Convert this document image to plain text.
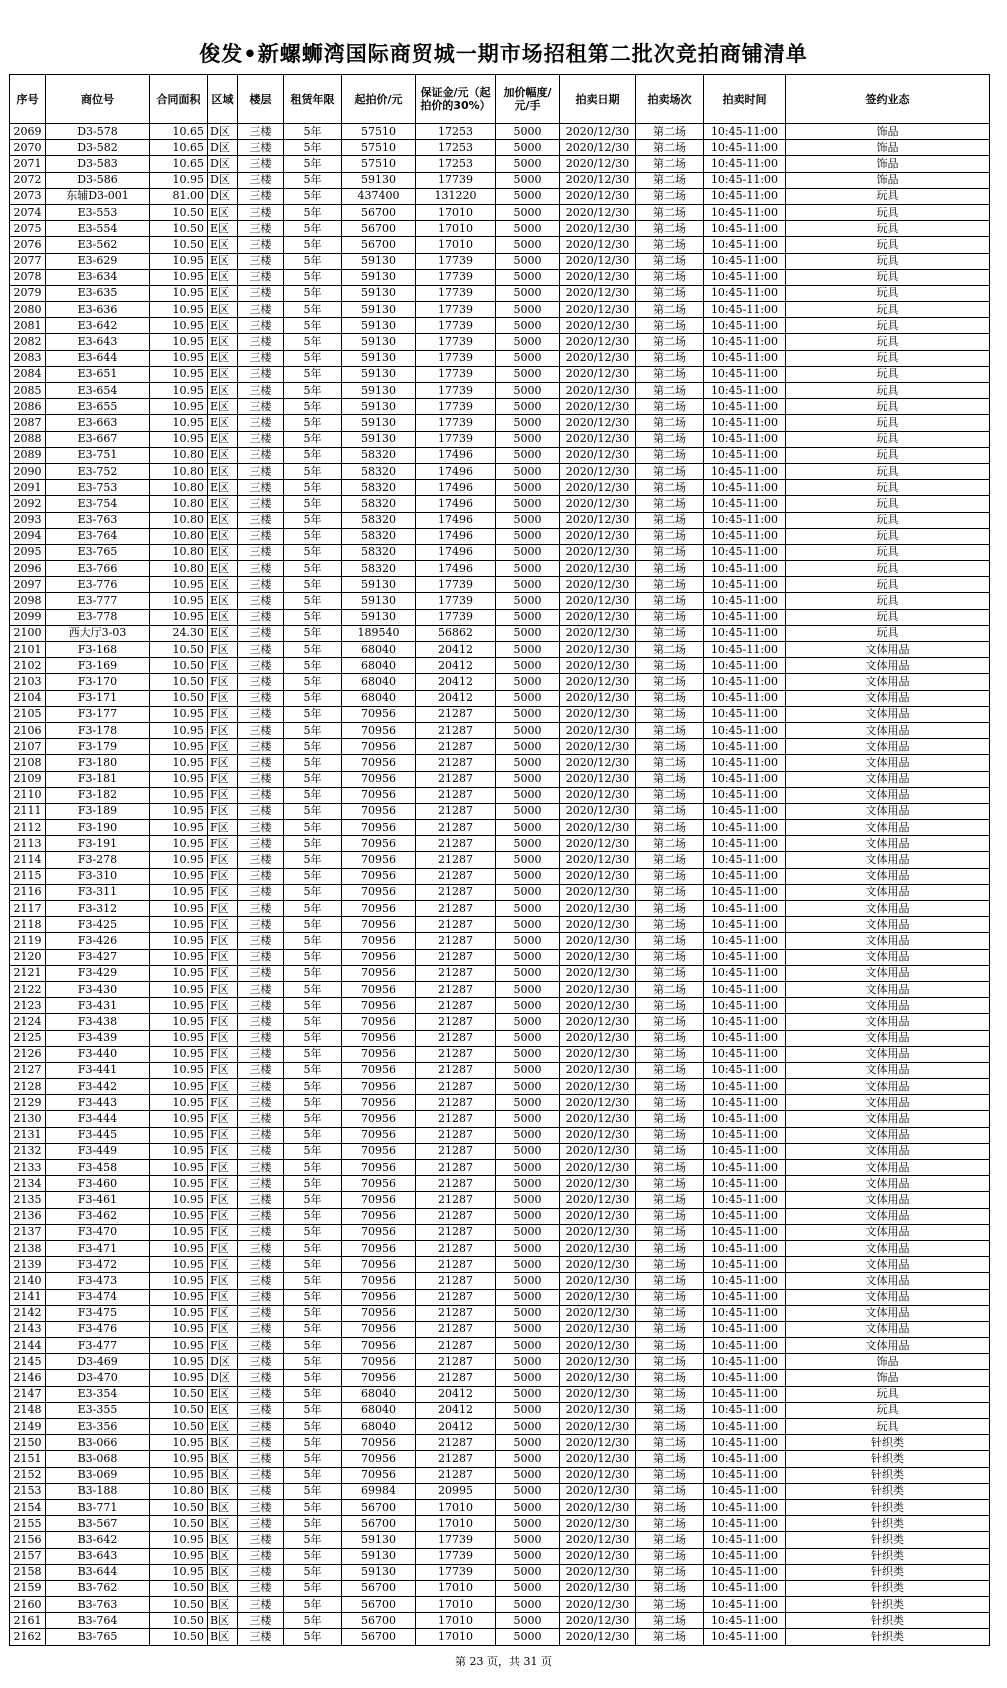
俊发•新螺蛳湾国际商贸城一期市场招租第二批次竞拍商铺清单
序号	商位号	合同面积	区域	楼层	租赁年限	起拍价/元	保证金/元（起拍价的30%）	加价幅度/元/手	拍卖日期	拍卖场次	拍卖时间	签约业态
2069	D3-578	10.65	D区	三楼	5年	57510	17253	5000	2020/12/30	第二场	10:45-11:00	饰品
2070	D3-582	10.65	D区	三楼	5年	57510	17253	5000	2020/12/30	第二场	10:45-11:00	饰品
2071	D3-583	10.65	D区	三楼	5年	57510	17253	5000	2020/12/30	第二场	10:45-11:00	饰品
2072	D3-586	10.95	D区	三楼	5年	59130	17739	5000	2020/12/30	第二场	10:45-11:00	饰品
2073	东辅D3-001	81.00	D区	三楼	5年	437400	131220	5000	2020/12/30	第二场	10:45-11:00	玩具
2074	E3-553	10.50	E区	三楼	5年	56700	17010	5000	2020/12/30	第二场	10:45-11:00	玩具
2075	E3-554	10.50	E区	三楼	5年	56700	17010	5000	2020/12/30	第二场	10:45-11:00	玩具
2076	E3-562	10.50	E区	三楼	5年	56700	17010	5000	2020/12/30	第二场	10:45-11:00	玩具
2077	E3-629	10.95	E区	三楼	5年	59130	17739	5000	2020/12/30	第二场	10:45-11:00	玩具
2078	E3-634	10.95	E区	三楼	5年	59130	17739	5000	2020/12/30	第二场	10:45-11:00	玩具
2079	E3-635	10.95	E区	三楼	5年	59130	17739	5000	2020/12/30	第二场	10:45-11:00	玩具
2080	E3-636	10.95	E区	三楼	5年	59130	17739	5000	2020/12/30	第二场	10:45-11:00	玩具
2081	E3-642	10.95	E区	三楼	5年	59130	17739	5000	2020/12/30	第二场	10:45-11:00	玩具
2082	E3-643	10.95	E区	三楼	5年	59130	17739	5000	2020/12/30	第二场	10:45-11:00	玩具
2083	E3-644	10.95	E区	三楼	5年	59130	17739	5000	2020/12/30	第二场	10:45-11:00	玩具
2084	E3-651	10.95	E区	三楼	5年	59130	17739	5000	2020/12/30	第二场	10:45-11:00	玩具
2085	E3-654	10.95	E区	三楼	5年	59130	17739	5000	2020/12/30	第二场	10:45-11:00	玩具
2086	E3-655	10.95	E区	三楼	5年	59130	17739	5000	2020/12/30	第二场	10:45-11:00	玩具
2087	E3-663	10.95	E区	三楼	5年	59130	17739	5000	2020/12/30	第二场	10:45-11:00	玩具
2088	E3-667	10.95	E区	三楼	5年	59130	17739	5000	2020/12/30	第二场	10:45-11:00	玩具
2089	E3-751	10.80	E区	三楼	5年	58320	17496	5000	2020/12/30	第二场	10:45-11:00	玩具
2090	E3-752	10.80	E区	三楼	5年	58320	17496	5000	2020/12/30	第二场	10:45-11:00	玩具
2091	E3-753	10.80	E区	三楼	5年	58320	17496	5000	2020/12/30	第二场	10:45-11:00	玩具
2092	E3-754	10.80	E区	三楼	5年	58320	17496	5000	2020/12/30	第二场	10:45-11:00	玩具
2093	E3-763	10.80	E区	三楼	5年	58320	17496	5000	2020/12/30	第二场	10:45-11:00	玩具
2094	E3-764	10.80	E区	三楼	5年	58320	17496	5000	2020/12/30	第二场	10:45-11:00	玩具
2095	E3-765	10.80	E区	三楼	5年	58320	17496	5000	2020/12/30	第二场	10:45-11:00	玩具
2096	E3-766	10.80	E区	三楼	5年	58320	17496	5000	2020/12/30	第二场	10:45-11:00	玩具
2097	E3-776	10.95	E区	三楼	5年	59130	17739	5000	2020/12/30	第二场	10:45-11:00	玩具
2098	E3-777	10.95	E区	三楼	5年	59130	17739	5000	2020/12/30	第二场	10:45-11:00	玩具
2099	E3-778	10.95	E区	三楼	5年	59130	17739	5000	2020/12/30	第二场	10:45-11:00	玩具
2100	西大厅3-03	24.30	E区	三楼	5年	189540	56862	5000	2020/12/30	第二场	10:45-11:00	玩具
2101	F3-168	10.50	F区	三楼	5年	68040	20412	5000	2020/12/30	第二场	10:45-11:00	文体用品
2102	F3-169	10.50	F区	三楼	5年	68040	20412	5000	2020/12/30	第二场	10:45-11:00	文体用品
2103	F3-170	10.50	F区	三楼	5年	68040	20412	5000	2020/12/30	第二场	10:45-11:00	文体用品
2104	F3-171	10.50	F区	三楼	5年	68040	20412	5000	2020/12/30	第二场	10:45-11:00	文体用品
2105	F3-177	10.95	F区	三楼	5年	70956	21287	5000	2020/12/30	第二场	10:45-11:00	文体用品
2106	F3-178	10.95	F区	三楼	5年	70956	21287	5000	2020/12/30	第二场	10:45-11:00	文体用品
2107	F3-179	10.95	F区	三楼	5年	70956	21287	5000	2020/12/30	第二场	10:45-11:00	文体用品
2108	F3-180	10.95	F区	三楼	5年	70956	21287	5000	2020/12/30	第二场	10:45-11:00	文体用品
2109	F3-181	10.95	F区	三楼	5年	70956	21287	5000	2020/12/30	第二场	10:45-11:00	文体用品
2110	F3-182	10.95	F区	三楼	5年	70956	21287	5000	2020/12/30	第二场	10:45-11:00	文体用品
2111	F3-189	10.95	F区	三楼	5年	70956	21287	5000	2020/12/30	第二场	10:45-11:00	文体用品
2112	F3-190	10.95	F区	三楼	5年	70956	21287	5000	2020/12/30	第二场	10:45-11:00	文体用品
2113	F3-191	10.95	F区	三楼	5年	70956	21287	5000	2020/12/30	第二场	10:45-11:00	文体用品
2114	F3-278	10.95	F区	三楼	5年	70956	21287	5000	2020/12/30	第二场	10:45-11:00	文体用品
2115	F3-310	10.95	F区	三楼	5年	70956	21287	5000	2020/12/30	第二场	10:45-11:00	文体用品
2116	F3-311	10.95	F区	三楼	5年	70956	21287	5000	2020/12/30	第二场	10:45-11:00	文体用品
2117	F3-312	10.95	F区	三楼	5年	70956	21287	5000	2020/12/30	第二场	10:45-11:00	文体用品
2118	F3-425	10.95	F区	三楼	5年	70956	21287	5000	2020/12/30	第二场	10:45-11:00	文体用品
2119	F3-426	10.95	F区	三楼	5年	70956	21287	5000	2020/12/30	第二场	10:45-11:00	文体用品
2120	F3-427	10.95	F区	三楼	5年	70956	21287	5000	2020/12/30	第二场	10:45-11:00	文体用品
2121	F3-429	10.95	F区	三楼	5年	70956	21287	5000	2020/12/30	第二场	10:45-11:00	文体用品
2122	F3-430	10.95	F区	三楼	5年	70956	21287	5000	2020/12/30	第二场	10:45-11:00	文体用品
2123	F3-431	10.95	F区	三楼	5年	70956	21287	5000	2020/12/30	第二场	10:45-11:00	文体用品
2124	F3-438	10.95	F区	三楼	5年	70956	21287	5000	2020/12/30	第二场	10:45-11:00	文体用品
2125	F3-439	10.95	F区	三楼	5年	70956	21287	5000	2020/12/30	第二场	10:45-11:00	文体用品
2126	F3-440	10.95	F区	三楼	5年	70956	21287	5000	2020/12/30	第二场	10:45-11:00	文体用品
2127	F3-441	10.95	F区	三楼	5年	70956	21287	5000	2020/12/30	第二场	10:45-11:00	文体用品
2128	F3-442	10.95	F区	三楼	5年	70956	21287	5000	2020/12/30	第二场	10:45-11:00	文体用品
2129	F3-443	10.95	F区	三楼	5年	70956	21287	5000	2020/12/30	第二场	10:45-11:00	文体用品
2130	F3-444	10.95	F区	三楼	5年	70956	21287	5000	2020/12/30	第二场	10:45-11:00	文体用品
2131	F3-445	10.95	F区	三楼	5年	70956	21287	5000	2020/12/30	第二场	10:45-11:00	文体用品
2132	F3-449	10.95	F区	三楼	5年	70956	21287	5000	2020/12/30	第二场	10:45-11:00	文体用品
2133	F3-458	10.95	F区	三楼	5年	70956	21287	5000	2020/12/30	第二场	10:45-11:00	文体用品
2134	F3-460	10.95	F区	三楼	5年	70956	21287	5000	2020/12/30	第二场	10:45-11:00	文体用品
2135	F3-461	10.95	F区	三楼	5年	70956	21287	5000	2020/12/30	第二场	10:45-11:00	文体用品
2136	F3-462	10.95	F区	三楼	5年	70956	21287	5000	2020/12/30	第二场	10:45-11:00	文体用品
2137	F3-470	10.95	F区	三楼	5年	70956	21287	5000	2020/12/30	第二场	10:45-11:00	文体用品
2138	F3-471	10.95	F区	三楼	5年	70956	21287	5000	2020/12/30	第二场	10:45-11:00	文体用品
2139	F3-472	10.95	F区	三楼	5年	70956	21287	5000	2020/12/30	第二场	10:45-11:00	文体用品
2140	F3-473	10.95	F区	三楼	5年	70956	21287	5000	2020/12/30	第二场	10:45-11:00	文体用品
2141	F3-474	10.95	F区	三楼	5年	70956	21287	5000	2020/12/30	第二场	10:45-11:00	文体用品
2142	F3-475	10.95	F区	三楼	5年	70956	21287	5000	2020/12/30	第二场	10:45-11:00	文体用品
2143	F3-476	10.95	F区	三楼	5年	70956	21287	5000	2020/12/30	第二场	10:45-11:00	文体用品
2144	F3-477	10.95	F区	三楼	5年	70956	21287	5000	2020/12/30	第二场	10:45-11:00	文体用品
2145	D3-469	10.95	D区	三楼	5年	70956	21287	5000	2020/12/30	第二场	10:45-11:00	饰品
2146	D3-470	10.95	D区	三楼	5年	70956	21287	5000	2020/12/30	第二场	10:45-11:00	饰品
2147	E3-354	10.50	E区	三楼	5年	68040	20412	5000	2020/12/30	第二场	10:45-11:00	玩具
2148	E3-355	10.50	E区	三楼	5年	68040	20412	5000	2020/12/30	第二场	10:45-11:00	玩具
2149	E3-356	10.50	E区	三楼	5年	68040	20412	5000	2020/12/30	第二场	10:45-11:00	玩具
2150	B3-066	10.95	B区	三楼	5年	70956	21287	5000	2020/12/30	第二场	10:45-11:00	针织类
2151	B3-068	10.95	B区	三楼	5年	70956	21287	5000	2020/12/30	第二场	10:45-11:00	针织类
2152	B3-069	10.95	B区	三楼	5年	70956	21287	5000	2020/12/30	第二场	10:45-11:00	针织类
2153	B3-188	10.80	B区	三楼	5年	69984	20995	5000	2020/12/30	第二场	10:45-11:00	针织类
2154	B3-771	10.50	B区	三楼	5年	56700	17010	5000	2020/12/30	第二场	10:45-11:00	针织类
2155	B3-567	10.50	B区	三楼	5年	56700	17010	5000	2020/12/30	第二场	10:45-11:00	针织类
2156	B3-642	10.95	B区	三楼	5年	59130	17739	5000	2020/12/30	第二场	10:45-11:00	针织类
2157	B3-643	10.95	B区	三楼	5年	59130	17739	5000	2020/12/30	第二场	10:45-11:00	针织类
2158	B3-644	10.95	B区	三楼	5年	59130	17739	5000	2020/12/30	第二场	10:45-11:00	针织类
2159	B3-762	10.50	B区	三楼	5年	56700	17010	5000	2020/12/30	第二场	10:45-11:00	针织类
2160	B3-763	10.50	B区	三楼	5年	56700	17010	5000	2020/12/30	第二场	10:45-11:00	针织类
2161	B3-764	10.50	B区	三楼	5年	56700	17010	5000	2020/12/30	第二场	10:45-11:00	针织类
2162	B3-765	10.50	B区	三楼	5年	56700	17010	5000	2020/12/30	第二场	10:45-11:00	针织类
第 23 页，共 31 页
